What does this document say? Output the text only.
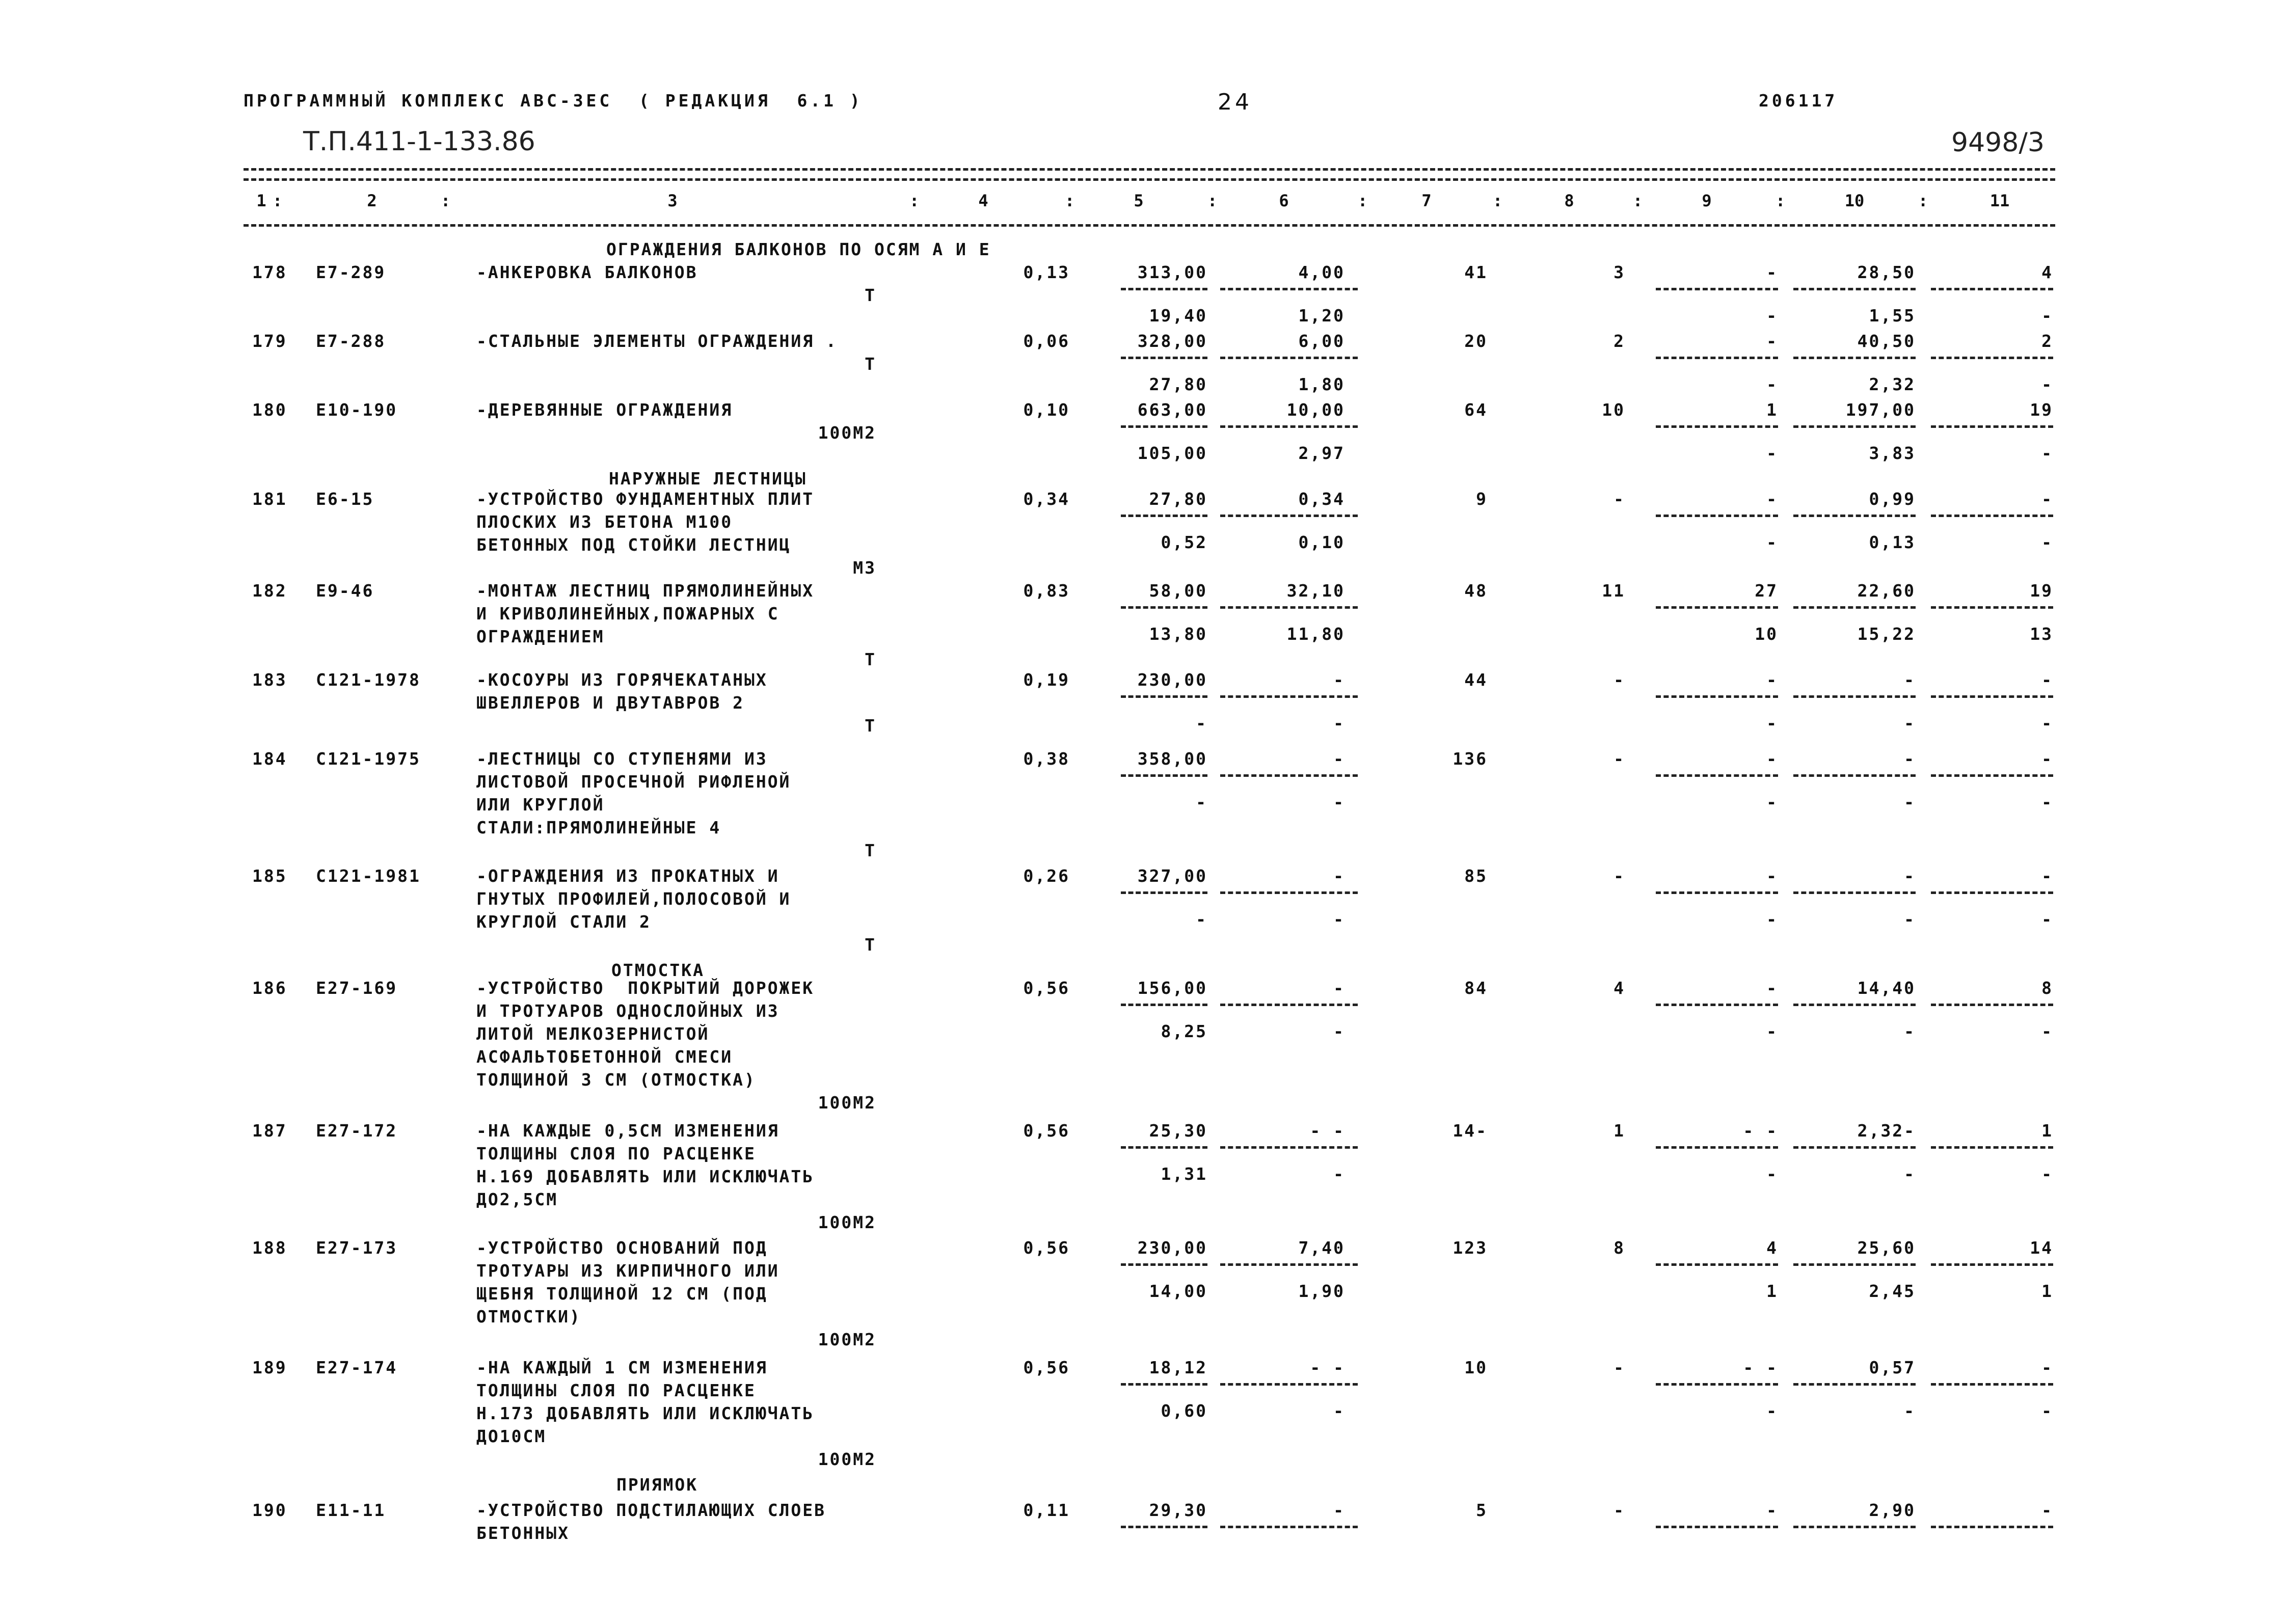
ПРОГРАММНЫЙ КОМПЛЕКС АВС-3ЕС  ( РЕДАКЦИЯ  6.1 )	24	206117
Т.П.411-1-133.86	9498/3
1 :	2	:	3	:	4	:	5	:	6	:	7	:	8	:	9	:	10	:	11
ОГРАЖДЕНИЯ БАЛКОНОВ ПО ОСЯМ А И Е
НАРУЖНЫЕ ЛЕСТНИЦЫ
ОТМОСТКА
ПРИЯМОК
178 Е7-289	-АНКЕРОВКА БАЛКОНОВ
Т
0,13	313,00	4,00	41	3	-	28,50	4
19,40	1,20	-	1,55	-
179 Е7-288	-СТАЛЬНЫЕ ЭЛЕМЕНТЫ ОГРАЖДЕНИЯ .
Т
0,06	328,00	6,00	20	2	-	40,50	2
27,80	1,80	-	2,32	-
180 Е10-190	-ДЕРЕВЯННЫЕ ОГРАЖДЕНИЯ
100М2
0,10	663,00	10,00	64	10	1	197,00	19
105,00	2,97	-	3,83	-
181 Е6-15	-УСТРОЙСТВО ФУНДАМЕНТНЫХ ПЛИТ
ПЛОСКИХ ИЗ БЕТОНА М100
БЕТОННЫХ ПОД СТОЙКИ ЛЕСТНИЦ
М3
0,34	27,80	0,34	9	-	-	0,99	-
0,52	0,10	-	0,13	-
182 Е9-46	-МОНТАЖ ЛЕСТНИЦ ПРЯМОЛИНЕЙНЫХ
И КРИВОЛИНЕЙНЫХ,ПОЖАРНЫХ С
ОГРАЖДЕНИЕМ
Т
0,83	58,00	32,10	48	11	27	22,60	19
13,80	11,80	10	15,22	13
183 С121-1978	-КОСОУРЫ ИЗ ГОРЯЧЕКАТАНЫХ
ШВЕЛЛЕРОВ И ДВУТАВРОВ 2
Т
0,19	230,00	-	44	-	-	-	-
-	-	-	-	-
184 С121-1975	-ЛЕСТНИЦЫ СО СТУПЕНЯМИ ИЗ
ЛИСТОВОЙ ПРОСЕЧНОЙ РИФЛЕНОЙ
ИЛИ КРУГЛОЙ
СТАЛИ:ПРЯМОЛИНЕЙНЫЕ 4
Т
0,38	358,00	-	136	-	-	-	-
-	-	-	-	-
185 С121-1981	-ОГРАЖДЕНИЯ ИЗ ПРОКАТНЫХ И
ГНУТЫХ ПРОФИЛЕЙ,ПОЛОСОВОЙ И
КРУГЛОЙ СТАЛИ 2
Т
0,26	327,00	-	85	-	-	-	-
-	-	-	-	-
186 Е27-169	-УСТРОЙСТВО  ПОКРЫТИЙ ДОРОЖЕК
И ТРОТУАРОВ ОДНОСЛОЙНЫХ ИЗ
ЛИТОЙ МЕЛКОЗЕРНИСТОЙ
АСФАЛЬТОБЕТОННОЙ СМЕСИ
ТОЛЩИНОЙ 3 СМ (ОТМОСТКА)
100М2
0,56	156,00	-	84	4	-	14,40	8
8,25	-	-	-	-
187 Е27-172	-НА КАЖДЫЕ 0,5СМ ИЗМЕНЕНИЯ
ТОЛЩИНЫ СЛОЯ ПО РАСЦЕНКЕ
Н.169 ДОБАВЛЯТЬ ИЛИ ИСКЛЮЧАТЬ
ДО2,5СМ
100М2
0,56	25,30	- -	14-	1	- -	2,32-	1
1,31	-	-	-	-
188 Е27-173	-УСТРОЙСТВО ОСНОВАНИЙ ПОД
ТРОТУАРЫ ИЗ КИРПИЧНОГО ИЛИ
ЩЕБНЯ ТОЛЩИНОЙ 12 СМ (ПОД
ОТМОСТКИ)
100М2
0,56	230,00	7,40	123	8	4	25,60	14
14,00	1,90	1	2,45	1
189 Е27-174	-НА КАЖДЫЙ 1 СМ ИЗМЕНЕНИЯ
ТОЛЩИНЫ СЛОЯ ПО РАСЦЕНКЕ
Н.173 ДОБАВЛЯТЬ ИЛИ ИСКЛЮЧАТЬ
ДО10СМ
100М2
0,56	18,12	- -	10	-	- -	0,57	-
0,60	-	-	-	-
190 Е11-11	-УСТРОЙСТВО ПОДСТИЛАЮЩИХ СЛОЕВ
БЕТОННЫХ
0,11	29,30	-	5	-	-	2,90	-
